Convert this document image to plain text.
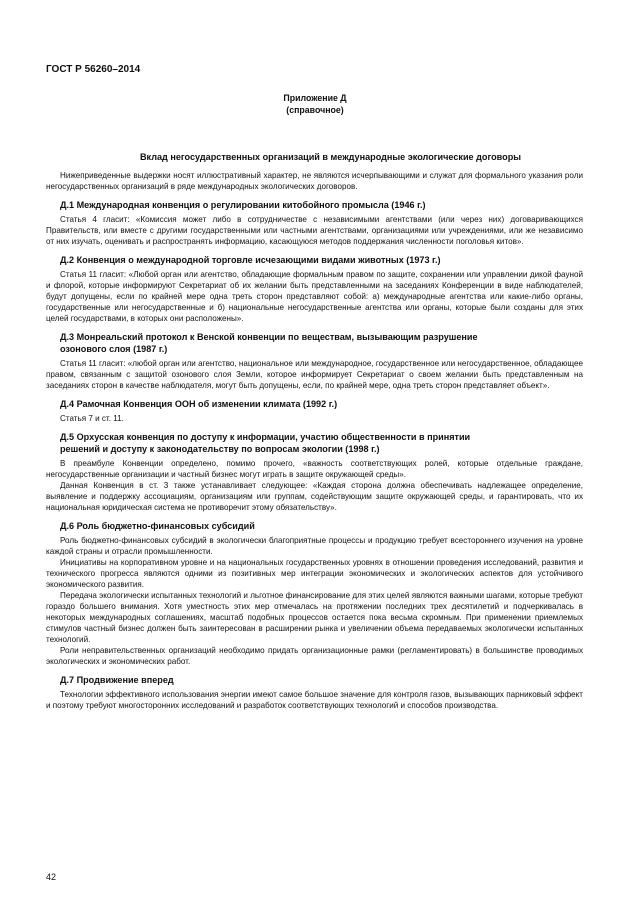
ГОСТ Р 56260–2014
Приложение Д
(справочное)
Вклад негосударственных организаций в международные экологические договоры

Нижеприведенные выдержки носят иллюстративный характер, не являются исчерпывающими и служат для формального указания роли негосударственных организаций в ряде международных экологических договоров.

Д.1 Международная конвенция о регулировании китобойного промысла (1946 г.)

Статья 4 гласит: «Комиссия может либо в сотрудничестве с независимыми агентствами (или через них) договаривающихся Правительств, или вместе с другими государственными или частными агентствами, организациями или учреждениями, или же независимо от них изучать, оценивать и распространять информацию, касающуюся методов поддержания численности поголовья китов».

Д.2 Конвенция о международной торговле исчезающими видами животных (1973 г.)

Статья 11 гласит: «Любой орган или агентство, обладающие формальным правом по защите, сохранении или управлении дикой фауной и флорой, которые информируют Секретариат об их желании быть представленными на заседаниях Конференции в виде наблюдателей, будут допущены, если по крайней мере одна треть сторон представляют собой: а) международные агентства или какие-либо органы, государственные или негосударственные и б) национальные негосударственные агентства или органы, которые были созданы для этих целей государствами, в которых они расположены».

Д.3 Монреальский протокол к Венской конвенции по веществам, вызывающим разрушение
озонового слоя (1987 г.)

Статья 11 гласит: «любой орган или агентство, национальное или международное, государственное или негосударственное, обладающее правом, связанным с защитой озонового слоя Земли, которое информирует Секретариат о своем желании быть представленным на заседаниях сторон в качестве наблюдателя, могут быть допущены, если, по крайней мере, одна треть сторон представляет объект».

Д.4 Рамочная Конвенция ООН об изменении климата (1992 г.)

Статья 7 и ст. 11.

Д.5 Орхусская конвенция по доступу к информации, участию общественности в принятии
решений и доступу к законодательству по вопросам экологии (1998 г.)

В преамбуле Конвенции определено, помимо прочего, «важность соответствующих ролей, которые отдельные граждане, негосударственные организации и частный бизнес могут играть в защите окружающей среды».

Данная Конвенция в ст. 3 также устанавливает следующее: «Каждая сторона должна обеспечивать надлежащее определение, выявление и поддержку ассоциациям, организациям или группам, содействующим защите окружающей среды, и гарантировать, что их национальная юридическая система не противоречит этому обязательству».

Д.6 Роль бюджетно-финансовых субсидий

Роль бюджетно-финансовых субсидий в экологически благоприятные процессы и продукцию требует всестороннего изучения на уровне каждой страны и отрасли промышленности.

Инициативы на корпоративном уровне и на национальных государственных уровнях в отношении проведения исследований, развития и технического прогресса являются одними из позитивных мер интеграции экономических и экологических аспектов для устойчивого экономического развития.

Передача экологически испытанных технологий и льготное финансирование для этих целей являются важными шагами, которые требуют гораздо большего внимания. Хотя уместность этих мер отмечалась на протяжении последних трех десятилетий и подчеркивалась в некоторых международных соглашениях, масштаб подобных процессов остается пока весьма скромным. При применении приемлемых стимулов частный бизнес должен быть заинтересован в расширении рынка и увеличении объема передаваемых экологически испытанных технологий.

Роли неправительственных организаций необходимо придать организационные рамки (регламентировать) в большинстве проводимых экологических и экономических работ.

Д.7 Продвижение вперед

Технологии эффективного использования энергии имеют самое большое значение для контроля газов, вызывающих парниковый эффект и поэтому требуют многосторонних исследований и разработок соответствующих технологий и способов производства.

42
